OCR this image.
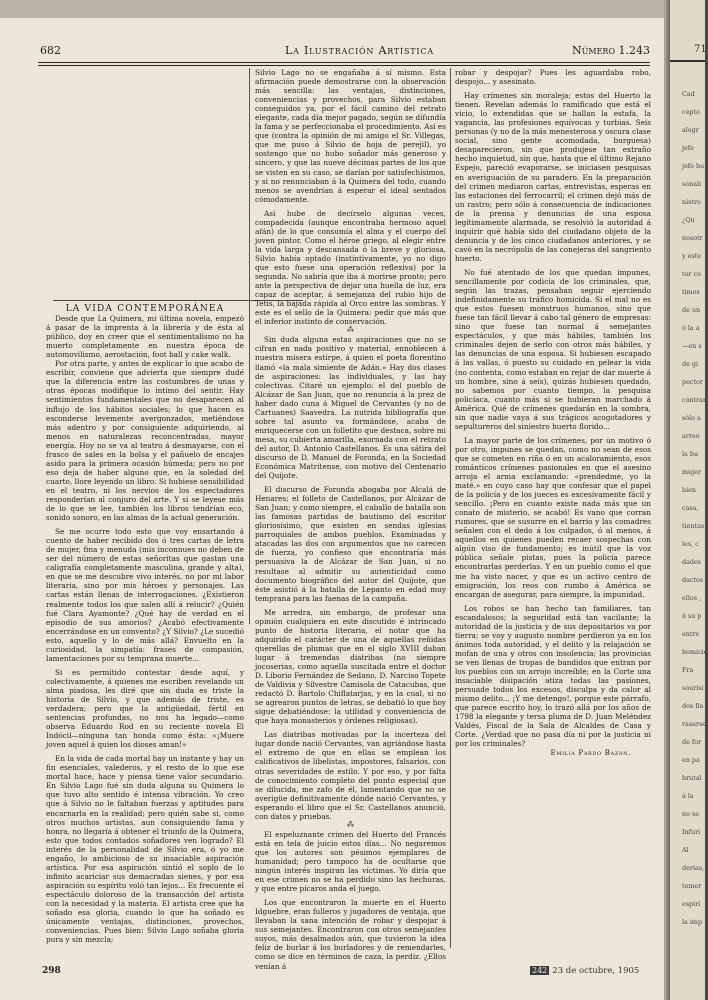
682	La Ilustración Artística	Número 1.243

LA VIDA CONTEMPORÁNEA

Desde que La Quimera, mi última novela, empezó á pasar de la imprenta á la librería y de ésta al público, doy en creer que el sentimentalismo no ha muerto completamente en nuestra época de automovilismo, aerostación, foot ball y cake walk.

Por otra parte, y antes de explicar lo que acabo de escribir, conviene que advierta que siempre dudé que la diferencia entre las costumbres de unas y otras épocas modifique lo íntimo del sentir. Hay sentimientos fundamentales que no desaparecen al influjo de los hábitos sociales; lo que hacen es esconderse levemente avergonzados, metiéndose más adentro y por consiguiente adquiriendo, al menos en naturalezas reconcentradas, mayor energía. Hoy no se va al teatro á desmayarse, con el frasco de sales en la bolsa y el pañuelo de encajes asido para la primera ocasión húmeda; pero no por eso deja de haber alguno que, en la soledad del cuarto, llore leyendo un libro. Si hubiese sensibilidad en el teatro, ni los nervios de los espectadores responderían al conjuro del arte. Y si se leyese más de lo que se lee, también los libros tendrían eco, sonido sonoro, en las almas de la actual generación.

Se me ocurre todo esto que voy ensartando á cuento de haber recibido dos ó tres cartas de letra de mujer, fina y menuda (mis inconnues no deben de ser del número de estas señoritas que gastan una caligrafía completamente masculina, grande y alta), en que se me descubre vivo interés, no por mi labor literaria, sino por mis héroes y personajes. Las cartas están llenas de interrogaciones. ¿Existieron realmente todos los que salen allí á relucir? ¿Quién fué Clara Ayamonte? ¿Qué hay de verdad en el episodio de sus amoríos? ¿Acabó efectivamente encerrándose en un convento? ¿Y Silvio? ¿Le sucedió esto, aquello y lo de más allá? Envuelto en la curiosidad, la simpatía: frases de compasión, lamentaciones por su temprana muerte...

Si es permitido contestar desde aquí, y colectivamente, á quienes me escriben revelando un alma piadosa, les diré que sin duda es triste la historia de Silvio, y que además de triste, es verdadera; pero que la antigüedad, fértil en sentencias profundas, no nos ha legado—como observa Eduardo Rod en su reciente novela El Indócil—ninguna tan honda como ésta: «¡Muere joven aquel á quien los dioses aman!»

En la vida de cada mortal hay un instante y hay un fin esenciales, valederos, y el resto de lo que ese mortal hace, hace y piensa tiene valor secundario. En Silvio Lago fué sin duda alguna su Quimera lo que tuvo alto sentido é intensa vibración. Yo creo que á Silvio no le faltaban fuerzas y aptitudes para encarnarla en la realidad; pero quién sabe si, como otros muchos artistas, aun consiguiendo fama y honra, no llegaría á obtener el triunfo de la Quimera, esto que todos contados soñadores ven logrado? El interés de la personalidad de Silvio era, ó yo me engaño, lo ambicioso de su insaciable aspiración artística. Por esa aspiración sintió el soplo de lo infinito acariciar sus demacradas sienes, y por esa aspiración su espíritu voló tan lejos... Es frecuente el espectáculo doloroso de la transacción del artista con la necesidad y la materia. El artista cree que ha soñado esa gloria, cuando lo que ha soñado es únicamente ventajas, distinciones, provechos, conveniencias. Pues bien: Silvio Lago soñaba gloria pura y sin mezcla;

Silvio Lago no se engañaba á sí mismo. Esta afirmación puede demostrarse con la observación más sencilla: las ventajas, distinciones, conveniencias y provechos, para Silvio estaban conseguidos ya, por el fácil camino del retrato elegante, cada día mejor pagado, según se difundía la fama y se perfeccionaba el procedimiento. Así es que (contra la opinión de mi amigo el Sr. Villegas, que me puso á Silvio de hoja de perejil), yo sostengo que no hubo soñador más generoso y sincero, y que las nueve décimas partes de los que se visten en su caso, se darían por satisfechísimos, y si no renunciaban á la Quimera del todo, cuando menos se avendrían á esperar el ideal sentados cómodamente.

Así hube de decírselo algunas veces, compadecida (aunque encontraba hermoso aquel afán) de lo que consumía el alma y el cuerpo del joven pintor. Como el héroe griego, al elegir entre la vida larga y descansada ó la breve y gloriosa, Silvio había optado (instintivamente, yo no digo que esto fuese una operación reflexiva) por la segunda. No sabría que iba á morirse pronto; pero ante la perspectiva de dejar una huella de luz, era capaz de aceptar, á semejanza del rubio hijo de Tetis, la bajada rápida al Orco entre las sombras. Y este es el sello de la Quimera: pedir que más que el inferior instinto de conservación.

⁂

Sin duda alguna estas aspiraciones que no se cifran en nada positivo y material, ennoblecen á nuestra misera estirpe, á quien el poeta florentino llamó «la mala simiente de Adán.» Hay dos clases de aspiraciones: las individuales, y las hay colectivas. Citaré un ejemplo: el del pueblo de Alcázar de San Juan, que no renuncia á la prez de haber dado cuna á Miguel de Cervantes (y no de Cartuanes) Saavedra. La nutrida bibliografía que sobre tal asunto va formándose, acaba de enriquecerse con un folletito que destaca, sobre mi mesa, su cubierta amarilla, exornada con el retrato del autor, D. Antonio Castellanos. Es una sátira del discurso de D. Manuel de Foronda, en la Sociedad Económica Matritense, con motivo del Centenario del Quijote.

El discurso de Foronda abogaba por Alcalá de Henares; el folleto de Castellanos, por Alcázar de San Juan; y como siempre, el caballo de batalla son las famosas partidas de bautismo del escritor gloriosísimo, que existen en sendas iglesias parroquiales de ambos pueblos. Examinadas y atacadas las dos con argumentos que no carecen de fuerza, yo confieso que encontraría más persuasiva la de Alcázar de San Juan, si no resultase al admitir su autenticidad como documento biográfico del autor del Quijote, que éste asistió á la batalla de Lepanto en edad muy temprana para las faenas de la campaña.

Me arredra, sin embargo, de profesar una opinión cualquiera en este discutido é intrincado punto de historia literaria, el notar que ha adquirido el carácter de una de aquellas reñidas querellas de plumas que en el siglo XVIII daban lugar á tremendas diatribas (no siempre jocoserias, como aquella suscitada entre el doctor D. Liborio Fernández de Sedano, D. Narciso Topete de Valdivia y Silvestre Camisola de Catacubas, que redactó D. Bartolo Chiflatarjas, y en la cual, si no se agrearon puntos de letras, se debatió lo que hoy sigue debatiéndose: la utilidad y conveniencia de que haya monasterios y órdenes religiosas).

Las diatribas motivadas por la incerteza del lugar donde nació Cervantes, van agriándose hasta el extremo de que en ellas se emplean los calificativos de libelistas, impostores, falsarios, con otras severidades de estilo. Y por eso, y por falta de conocimiento completo del punto especial que se dilucida, me zafo de él, lamentando que no se averigüe definitivamente dónde nació Cervantes, y esperando el libro que el Sr. Castellanos anunció, con datos y pruebas.

⁂

El espeluznante crimen del Huerto del Francés está en tela de juicio estos días... No negaremos que los autores son pésimos ejemplares de humanidad; pero tampoco ha de ocultarse que ningún interés inspiran las víctimas. Yo diría que en ese crimen no se ha perdido sino las hechuras, y que entre pícaros anda el juego.

Los que encontraron la muerte en el Huerto Idguebre, eran fulleros y jugadores de ventaja, que llevaban la sana intención de robar y despojar á sus semejantes. Encontraron con otros semejantes suyos, más desalmados aún, que tuvieron la idea feliz de burlar á los burladores y de remendarles, como se dice en términos de caza, la perdiz. ¿Ellos venían á

robar y despojar? Pues les aguardaba robo, despojo... y asesinato.

Hay crímenes sin moraleja; estos del Huerto la tienen. Revelan además lo ramificado que está el vicio, lo extendidas que se hallan la estafa, la vagancia, las profesiones equívocas y turbias. Seis personas (y no de la más menesterosa y oscura clase social, sino gente acomodada, burguesa) desaparecieron, sin que produjese tan extraño hecho inquietud, sin que, hasta que el último Rejano Espejo, pareció evaporarse, se iniciasen pesquisas en averiguación de su paradero. En la preparación del crimen mediaron cartas, entrevistas, esperas en las estaciones del ferrocarril; el crimen dejó más de un rastro; pero sólo á consecuencia de indicaciones de la prensa y denuncias de una esposa legítimamente alarmada, se resolvió la autoridad á inquirir qué había sido del ciudadano objeto de la denuncia y de los cinco ciudadanos anteriores, y se cavó en la necrópolis de las conejeras del sangriento huerto.

No fué atentado de los que quedan impunes, sencillamente por codicia de los criminales, que, según las trazas, pensaban seguir ejerciendo indefinidamente su tráfico homicida. Si el mal no es que estos fuesen monstruos humanos, sino que fuese tan fácil llevar á cabo tal género de empresas: sino que fuese tan normal á semejantes espectáculos, y que más hábiles, también los criminales dejen de serlo con otros más hábiles, y las denuncias de una esposa. Si hubiesen escapado á las vallas, ó puesto su cuidado en pelear la vida (no contenta, como estaban en rejar de dar muerte á un hombre, sino á seis), quizás hubiesen quedado, no sabemos por cuanto tiempo, la pesquisa policíaca, cuanto más si se hubieran marchado á América. Qué de crímenes quedarán en la sombra, sin que nadie vaya á sus trágicos acogotadores y sepultureros del siniestro huerto florido...

La mayor parte de los crímenes, por un motivo ó por otro, impunes se quedan, como no sean de esos que se cometen en riña ó en un acaloramiento, esos románticos crímenes pasionales en que el asesino arroja el arma exclamando: «prendedme, yo la maté.» en cuyo caso hay que confesar que el papel de la policía y de los jueces es excesivamente fácil y sencillo. ¡Pero en cuanto existe nada más que un conato de misterio, se acabó! Es vano que corran rumores, que se susurre en el barrio y las comadres señalen con el dedo á los culpados, ó al menos, á aquellos en quienes pueden recaer sospechas con algún viso de fundamento; es inútil que la voz pública señale pistas, pues la policía parece encontrarlas perderlas. Y en un pueblo como el que me ha visto nacer, y que es un activo centro de emigración, los reos con rumbo á América se encargan de asegurar, para siempre, la impunidad.

Los robos se han hecho tan familiares, tan escandalosos; la seguridad está tan vacilante; la autoridad de la justicia y de sus depositarios va por tierra; se voy y augusto nombre perdieron ya en los ánimos toda autoridad, y el delito y la relajación se mofan de una y otros con insolencia; las provincias se ven llenas de tropas de bandidos que entran por los pueblos con un arrojo increíble; en la Corte una insaciable disipación atiza todas las pasiones, persuade todos los excesos, disculpa y da calor al mismo delito... ¡Y me detengo!, porque este párrafo, que parece escrito hoy, lo trazó allá por los años de 1798 la elegante y tersa pluma de D. Juan Meléndez Valdés, Fiscal de la Sala de Alcaldes de Casa y Corte. ¿Verdad que no pasa día ni por la justicia ni por los criminales?

Emilia Pardo Bazán.

298	242 23 de octubre, 1905
71
Cad
cepto
alegr
jefe
jefe hu
sonali
nistro
¿Qu
nosotr
y este
tor co
timos
de un
ó la a
—en s
de gi
pector
contrar
sólo a
arreo
la bu
mujer
bien
casa,
tientas
les, c
dades
dactos
ellos ,
á su p
entre
homicid
Fra
sourisi
dos fla
rasarse
de for
en pa
brutal
á la
no se
Infuri
Al
derías,
temer
espiri
la imp
